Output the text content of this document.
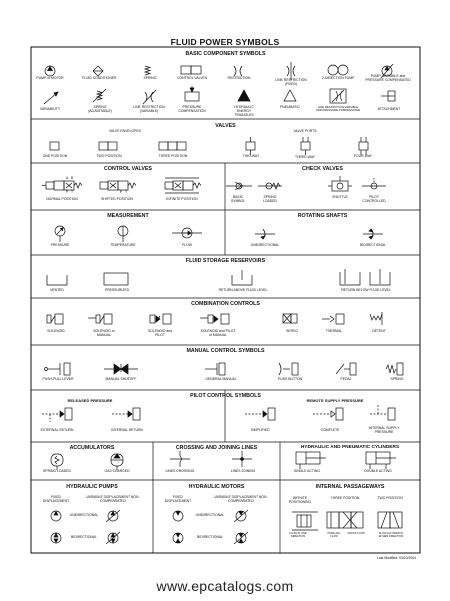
FLUID POWER SYMBOLS
BASIC COMPONENT SYMBOLS
PUMP or MOTOR	FLUID CONDITIONER	SPRING	CONTROL VALVES	RESTRICTION	LINE RESTRICTION (FIXED)
2-DIRECTION PUMP	PUMP: VARIABLE and PRESSURE COMPENSATED
VARIABILITY	SPRING (ADJUSTABLE)
LINE RESTRICTION (VARIABLE)
PRESSURE COMPENSATION
HYDRAULIC ENERGY TRIANGLES
PNEUMATIC	LINE RESTRICTION VARIABLE AND PRESSURE COMPENSATED	ATTACHMENT
VALVES
VALVE ENVELOPES	VALVE PORTS
ONE POSITION	TWO POSITION	THREE POSITION	TWO-WAY	THREE-WAY	FOUR-WAY
CONTROL VALVES
A B
P T	P T
NORMAL POSITION	SHIFTED POSITION	INFINITE POSITION
CHECK VALVES
BASIC SYMBOL
SPRING LOADED
SHUTTLE	PILOT CONTROLLED
MEASUREMENT
PRESSURE	TEMPERATURE	FLOW
ROTATING SHAFTS
UNIDIRECTIONAL	BIDIRECTIONAL
FLUID STORAGE RESERVOIRS
VENTED	PRESSURIZED	RETURN ABOVE FLUID LEVEL	RETURN BELOW FLUID LEVEL
COMBINATION CONTROLS
SOLENOID	SOLENOID or MANUAL
SOLENOID and PILOT
SOLENOID and PILOT or MANUAL
SERVO	THERMAL	DETENT
MANUAL CONTROL SYMBOLS
PUSH-PULL LEVER	MANUAL SHUTOFF	GENERAL MANUAL	PUSH BUTTON	PEDAL	SPRING
PILOT CONTROL SYMBOLS
RELEASED PRESSURE	REMOTE SUPPLY PRESSURE
EXTERNAL RETURN	INTERNAL RETURN	SIMPLIFIED	COMPLETE	INTERNAL SUPPLY PRESSURE
ACCUMULATORS
SPRING LOADED	GAS CHARGED
CROSSING AND JOINING LINES
LINES CROSSING	LINES JOINING
HYDRAULIC AND PNEUMATIC CYLINDERS
SINGLE ACTING	DOUBLE ACTING
HYDRAULIC PUMPS
FIXED DISPLACEMENT
VARIABLE DISPLACEMENT NON-COMPENSATED
UNIDIRECTIONAL
BIDIRECTIONAL
HYDRAULIC MOTORS
FIXED DISPLACEMENT
VARIABLE DISPLACEMENT NON-COMPENSATED
UNIDIRECTIONAL
BIDIRECTIONAL
INTERNAL PASSAGEWAYS
INFINITE POSITIONING
THREE POSITION	TWO POSITION
FLOW IN ONE DIRECTION
PARALLEL FLOW
CROSS FLOW	FLOW ALLOWED IN EITHER DIRECTION
Last Modified: 03/10/2004
www.epcatalogs.com
